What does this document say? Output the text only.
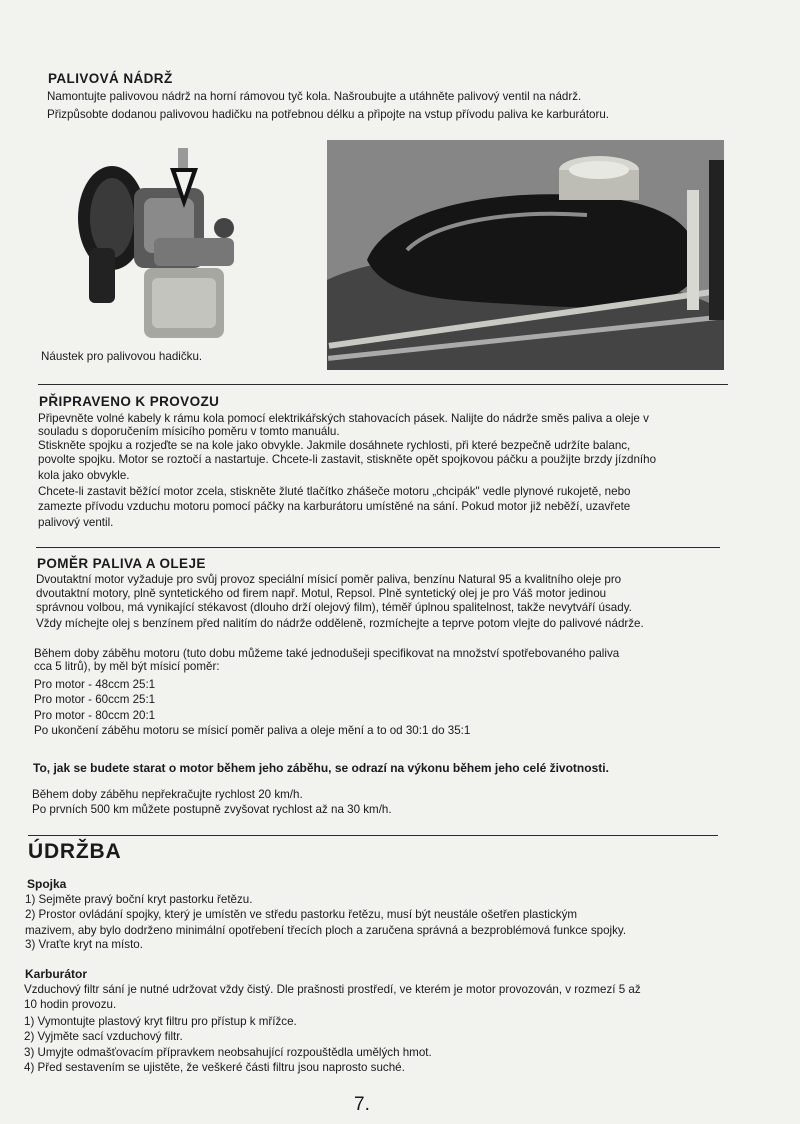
PALIVOVÁ NÁDRŽ
Namontujte palivovou nádrž na horní rámovou tyč kola. Našroubujte a utáhněte palivový ventil na nádrž.
Přizpůsobte dodanou palivovou hadičku na potřebnou délku a připojte na vstup přívodu paliva ke karburátoru.
Náustek pro palivovou hadičku.
PŘIPRAVENO K PROVOZU
Připevněte volné kabely k rámu kola pomocí elektrikářských stahovacích pásek. Nalijte do nádrže směs paliva a oleje v
souladu s doporučením mísicího poměru v tomto manuálu.
Stiskněte spojku a rozjeďte se na kole jako obvykle. Jakmile dosáhnete rychlosti, při které bezpečně udržíte balanc,
povolte spojku. Motor se roztočí a nastartuje. Chcete-li zastavit, stiskněte opět spojkovou páčku a použijte brzdy jízdního
kola jako obvykle.
Chcete-li zastavit běžící motor zcela, stiskněte žluté tlačítko zhášeče motoru „chcipák" vedle plynové rukojetě, nebo
zamezte přívodu vzduchu motoru pomocí páčky na karburátoru umístěné na sání. Pokud motor již neběží, uzavřete
palivový ventil.
POMĚR PALIVA A OLEJE
Dvoutaktní motor vyžaduje pro svůj provoz speciální mísicí poměr paliva, benzínu Natural 95 a kvalitního oleje pro
dvoutaktní motory, plně syntetického od firem např. Motul, Repsol. Plně syntetický olej je pro Váš motor jedinou
správnou volbou, má vynikající stékavost (dlouho drží olejový film), téměř úplnou spalitelnost, takže nevytváří úsady.
Vždy míchejte olej s benzínem před nalitím do nádrže odděleně, rozmíchejte a teprve potom vlejte do palivové nádrže.
Během doby záběhu motoru (tuto dobu můžeme také jednodušeji specifikovat na množství spotřebovaného paliva
cca 5 litrů), by měl být mísicí poměr:
Pro motor - 48ccm 25:1
Pro motor - 60ccm 25:1
Pro motor - 80ccm 20:1
Po ukončení záběhu motoru se mísicí poměr paliva a oleje mění a to od 30:1 do 35:1
To, jak se budete starat o motor během jeho záběhu, se odrazí na výkonu během jeho celé životnosti.
Během doby záběhu nepřekračujte rychlost 20 km/h.
Po prvních 500 km můžete postupně zvyšovat rychlost až na 30 km/h.
ÚDRŽBA
Spojka
1) Sejměte pravý boční kryt pastorku řetězu.
2) Prostor ovládání spojky, který je umístěn ve středu pastorku řetězu, musí být neustále ošetřen plastickým
mazivem, aby bylo dodrženo minimální opotřebení třecích ploch a zaručena správná a bezproblémová funkce spojky.
3) Vraťte kryt na místo.
Karburátor
Vzduchový filtr sání je nutné udržovat vždy čistý. Dle prašnosti prostředí, ve kterém je motor provozován, v rozmezí 5 až
10 hodin provozu.
1) Vymontujte plastový kryt filtru pro přístup k mřížce.
2) Vyjměte sací vzduchový filtr.
3) Umyjte odmašťovacím přípravkem neobsahující rozpouštědla umělých hmot.
4) Před sestavením se ujistěte, že veškeré části filtru jsou naprosto suché.
7.
